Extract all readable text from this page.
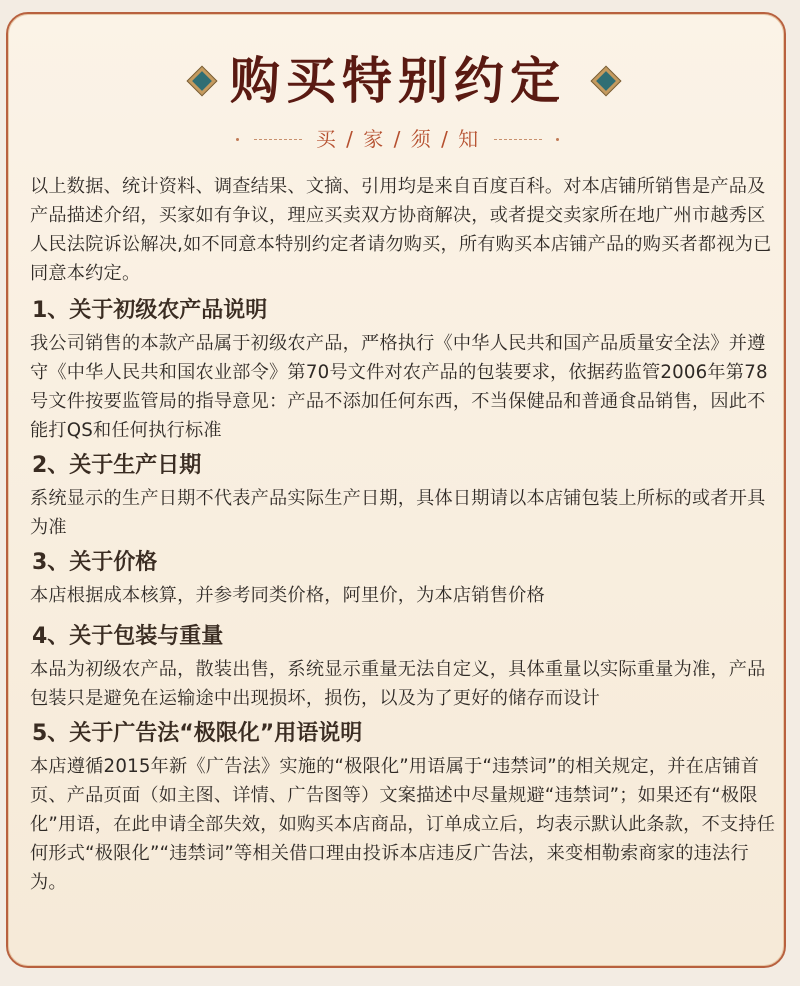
购买特别约定
买 / 家 / 须 / 知

以上数据、统计资料、调查结果、文摘、引用均是来自百度百科。对本店铺所销售是产品及产品描述介绍，买家如有争议，理应买卖双方协商解决，或者提交卖家所在地广州市越秀区人民法院诉讼解决,如不同意本特别约定者请勿购买，所有购买本店铺产品的购买者都视为已同意本约定。

1、关于初级农产品说明

我公司销售的本款产品属于初级农产品，严格执行《中华人民共和国产品质量安全法》并遵守《中华人民共和国农业部令》第70号文件对农产品的包装要求，依据药监管2006年第78号文件按要监管局的指导意见：产品不添加任何东西，不当保健品和普通食品销售，因此不能打QS和任何执行标准

2、关于生产日期

系统显示的生产日期不代表产品实际生产日期，具体日期请以本店铺包装上所标的或者开具为准

3、关于价格

本店根据成本核算，并参考同类价格，阿里价，为本店销售价格

4、关于包装与重量

本品为初级农产品，散装出售，系统显示重量无法自定义，具体重量以实际重量为准，产品包装只是避免在运输途中出现损坏，损伤，以及为了更好的储存而设计

5、关于广告法“极限化”用语说明

本店遵循2015年新《广告法》实施的“极限化”用语属于“违禁词”的相关规定，并在店铺首页、产品页面（如主图、详情、广告图等）文案描述中尽量规避“违禁词”；如果还有“极限化”用语，在此申请全部失效，如购买本店商品，订单成立后，均表示默认此条款，不支持任何形式“极限化”“违禁词”等相关借口理由投诉本店违反广告法，来变相勒索商家的违法行为。
